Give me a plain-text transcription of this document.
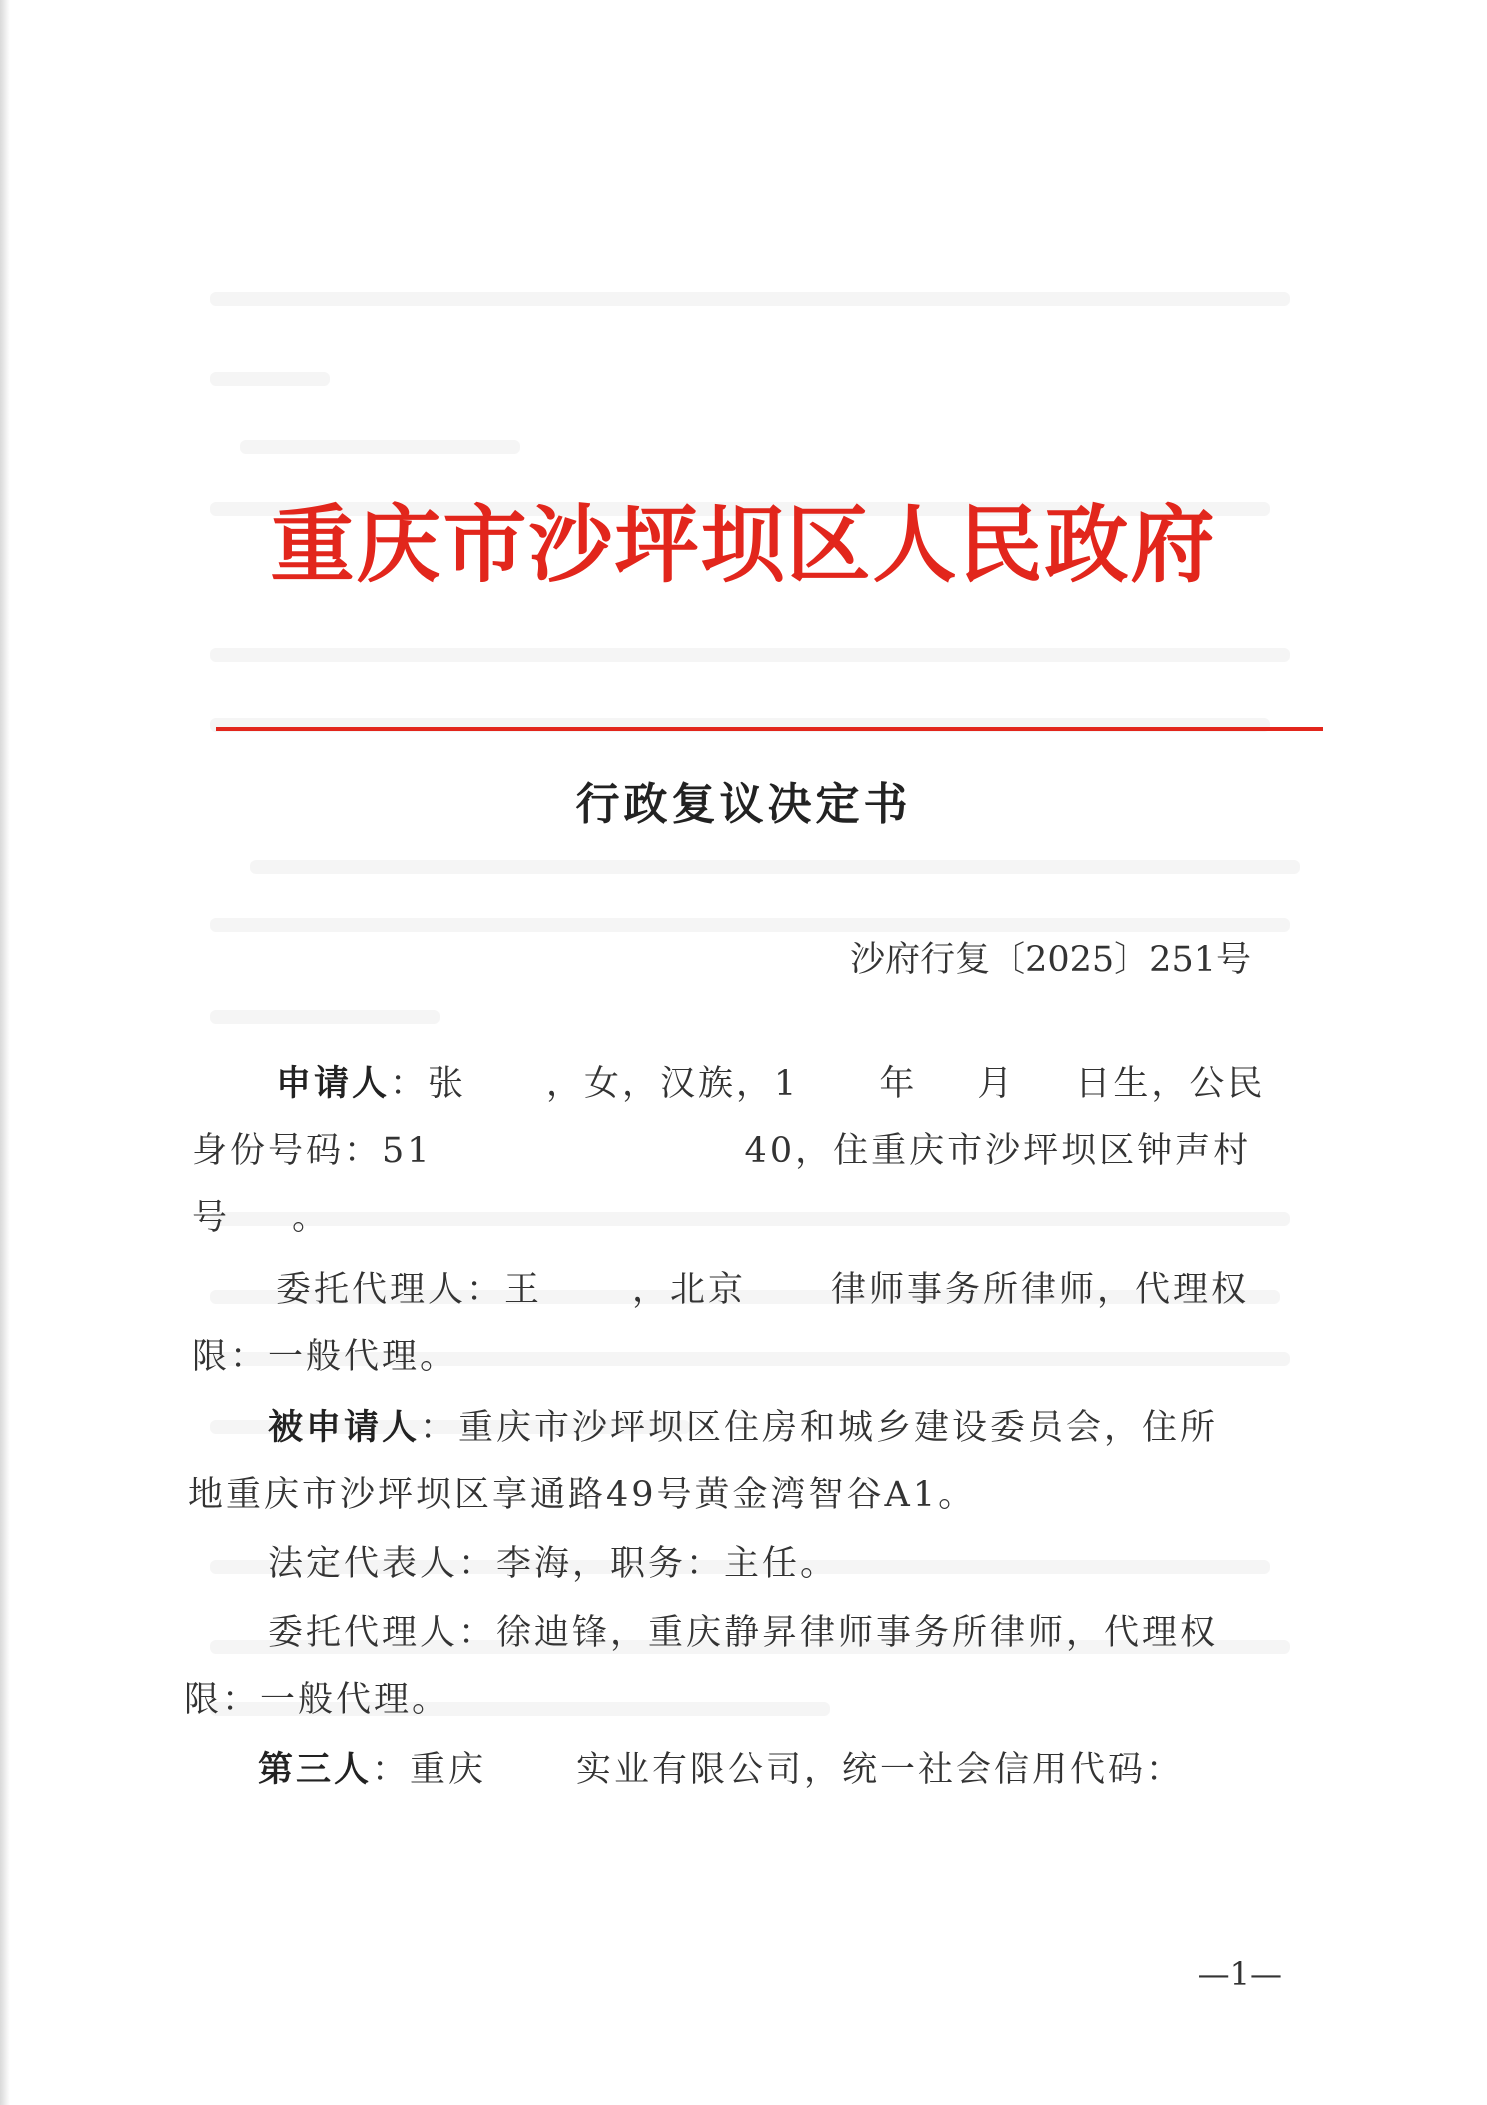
重庆市沙坪坝区人民政府
行政复议决定书
沙府行复〔2025〕251号
申请人：张 ，女，汉族，1 年 月 日生，公民
身份号码：51	40，住重庆市沙坪坝区钟声村
号 。
委托代理人：王	，北京 律师事务所律师，代理权
限：一般代理。
被申请人：重庆市沙坪坝区住房和城乡建设委员会，住所
地重庆市沙坪坝区享通路49号黄金湾智谷A1。
法定代表人：李海，职务：主任。
委托代理人：徐迪锋，重庆静昇律师事务所律师，代理权
限：一般代理。
第三人：重庆	实业有限公司，统一社会信用代码：
—1—
